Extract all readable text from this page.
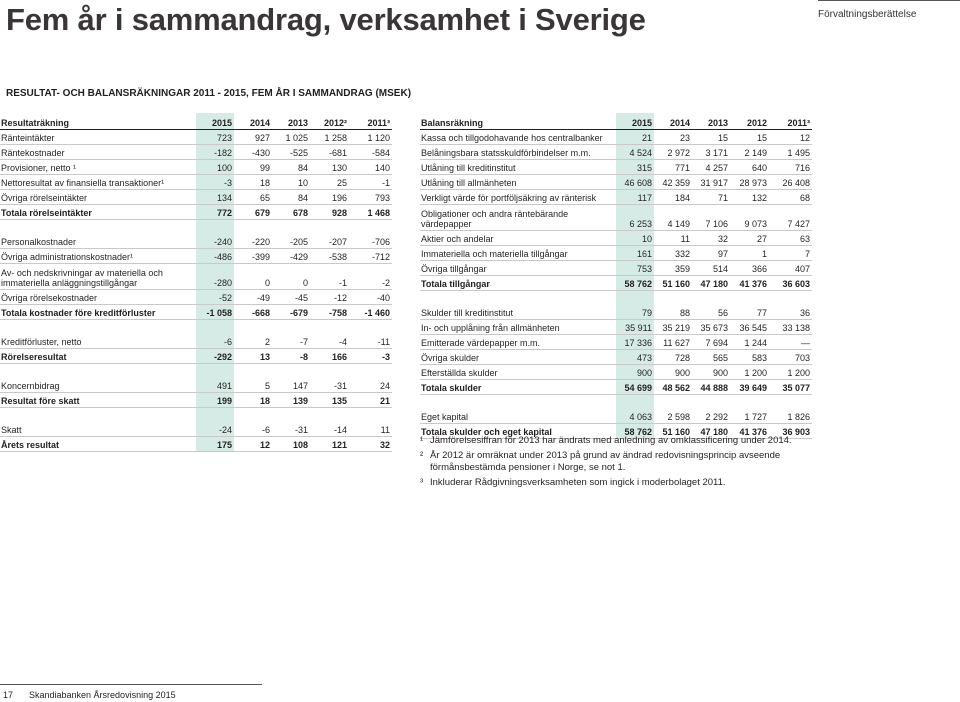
Fem år i sammandrag, verksamhet i Sverige	Förvaltningsberättelse
RESULTAT- OCH BALANSRÄKNINGAR 2011 - 2015, FEM ÅR I SAMMANDRAG (MSEK)
Resultaträkning	2015	2014	2013	2012²	2011³
Ränteintäkter	723	927	1 025	1 258	1 120
Räntekostnader	-182	-430	-525	-681	-584
Provisioner, netto ¹	100	99	84	130	140
Nettoresultat av finansiella transaktioner¹	-3	18	10	25	-1
Övriga rörelseintäkter	134	65	84	196	793
Totala rörelseintäkter	772	679	678	928	1 468

Personalkostnader	-240	-220	-205	-207	-706
Övriga administrationskostnader¹	-486	-399	-429	-538	-712
Av- och nedskrivningar av materiella och immateriella anläggningstillgångar	-280	0	0	-1	-2
Övriga rörelsekostnader	-52	-49	-45	-12	-40
Totala kostnader före kreditförluster	-1 058	-668	-679	-758	-1 460

Kreditförluster, netto	-6	2	-7	-4	-11
Rörelseresultat	-292	13	-8	166	-3

Koncernbidrag	491	5	147	-31	24
Resultat före skatt	199	18	139	135	21

Skatt	-24	-6	-31	-14	11
Årets resultat	175	12	108	121	32
Balansräkning	2015	2014	2013	2012	2011³
Kassa och tillgodohavande hos centralbanker	21	23	15	15	12
Belåningsbara statsskuldförbindelser m.m.	4 524	2 972	3 171	2 149	1 495
Utlåning till kreditinstitut	315	771	4 257	640	716
Utlåning till allmänheten	46 608	42 359	31 917	28 973	26 408
Verkligt värde för portföljsäkring av ränterisk	117	184	71	132	68
Obligationer och andra räntebärande värdepapper	6 253	4 149	7 106	9 073	7 427
Aktier och andelar	10	11	32	27	63
Immateriella och materiella tillgångar	161	332	97	1	7
Övriga tillgångar	753	359	514	366	407
Totala tillgångar	58 762	51 160	47 180	41 376	36 603

Skulder till kreditinstitut	79	88	56	77	36
In- och upplåning från allmänheten	35 911	35 219	35 673	36 545	33 138
Emitterade värdepapper m.m.	17 336	11 627	7 694	1 244	—
Övriga skulder	473	728	565	583	703
Efterställda skulder	900	900	900	1 200	1 200
Totala skulder	54 699	48 562	44 888	39 649	35 077

Eget kapital	4 063	2 598	2 292	1 727	1 826
Totala skulder och eget kapital	58 762	51 160	47 180	41 376	36 903
¹ Jämförelsesiffran för 2013 har ändrats med anledning av omklassificering under 2014.
² År 2012 är omräknat under 2013 på grund av ändrad redovisningsprincip avseende förmånsbestämda pensioner i Norge, se not 1.
³ Inkluderar Rådgivningsverksamheten som ingick i moderbolaget 2011.
17 Skandiabanken Årsredovisning 2015
